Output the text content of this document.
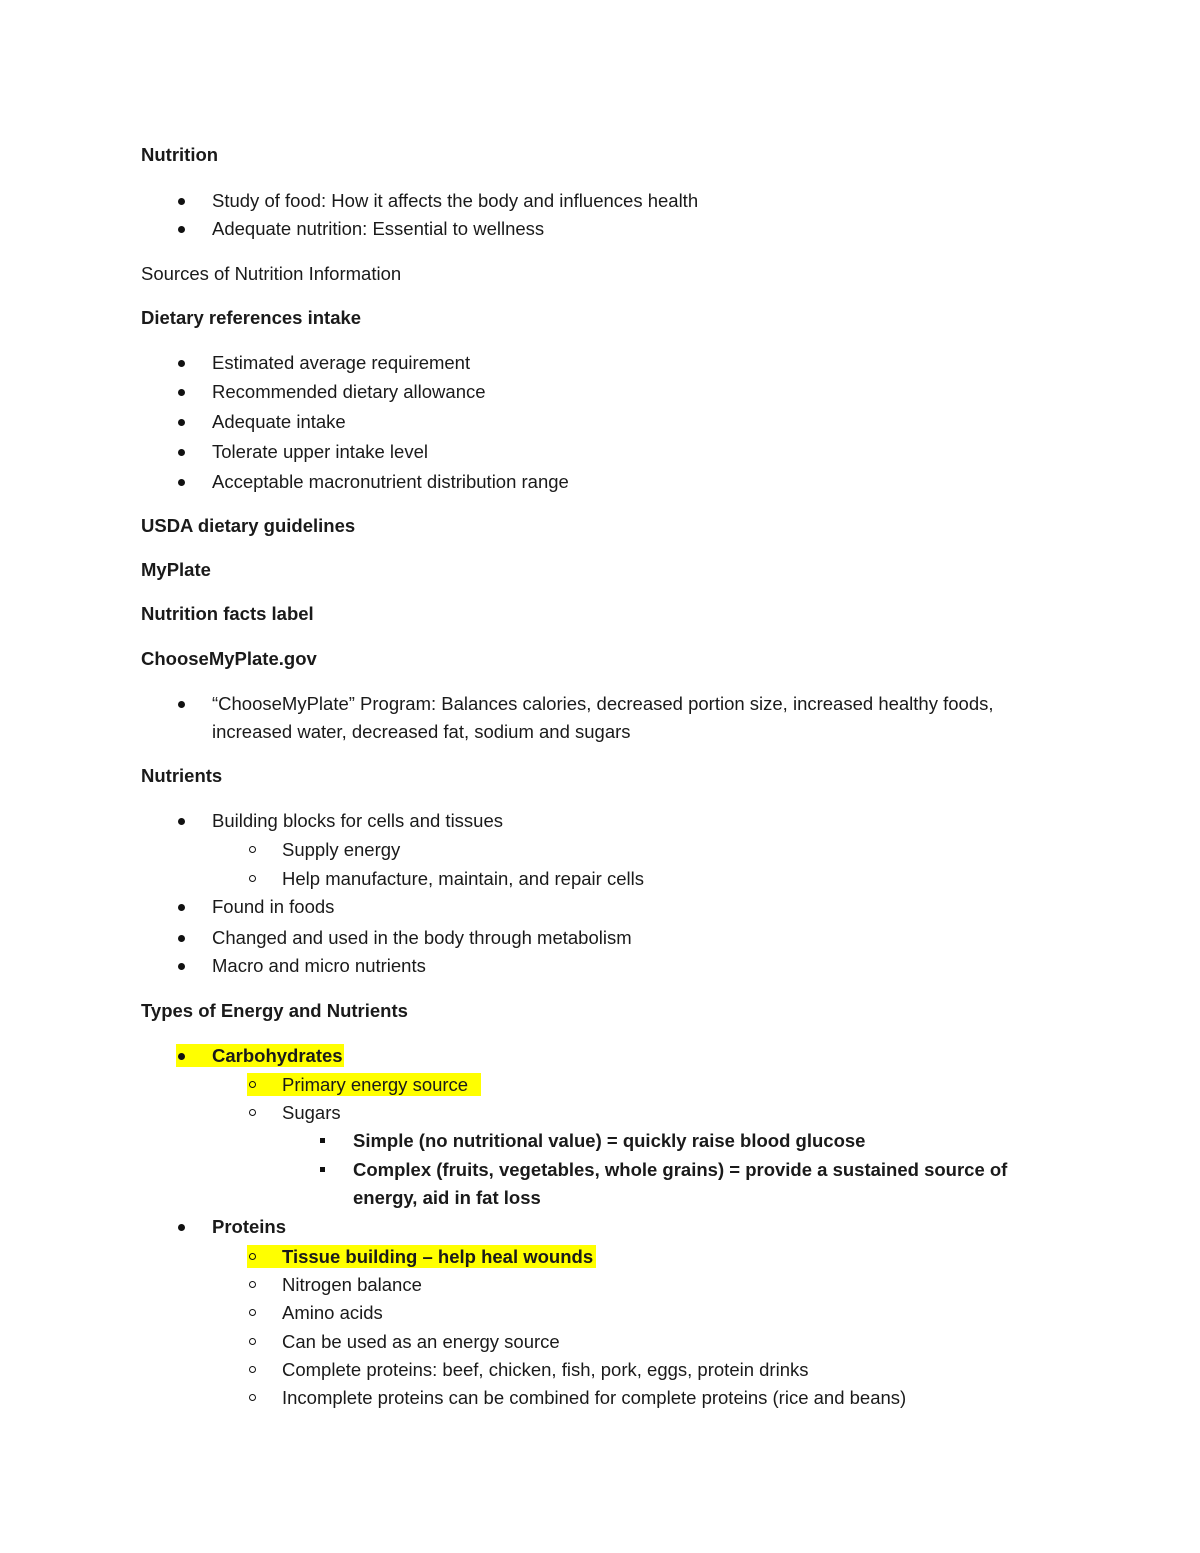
Nutrition
Study of food: How it affects the body and influences health
Adequate nutrition: Essential to wellness
Sources of Nutrition Information
Dietary references intake
Estimated average requirement
Recommended dietary allowance
Adequate intake
Tolerate upper intake level
Acceptable macronutrient distribution range
USDA dietary guidelines
MyPlate
Nutrition facts label
ChooseMyPlate.gov
“ChooseMyPlate” Program: Balances calories, decreased portion size, increased healthy foods,
increased water, decreased fat, sodium and sugars
Nutrients
Building blocks for cells and tissues
Supply energy
Help manufacture, maintain, and repair cells
Found in foods
Changed and used in the body through metabolism
Macro and micro nutrients
Types of Energy and Nutrients
Carbohydrates
Primary energy source
Sugars
Simple (no nutritional value) = quickly raise blood glucose
Complex (fruits, vegetables, whole grains) = provide a sustained source of
energy, aid in fat loss
Proteins
Tissue building – help heal wounds
Nitrogen balance
Amino acids
Can be used as an energy source
Complete proteins: beef, chicken, fish, pork, eggs, protein drinks
Incomplete proteins can be combined for complete proteins (rice and beans)
